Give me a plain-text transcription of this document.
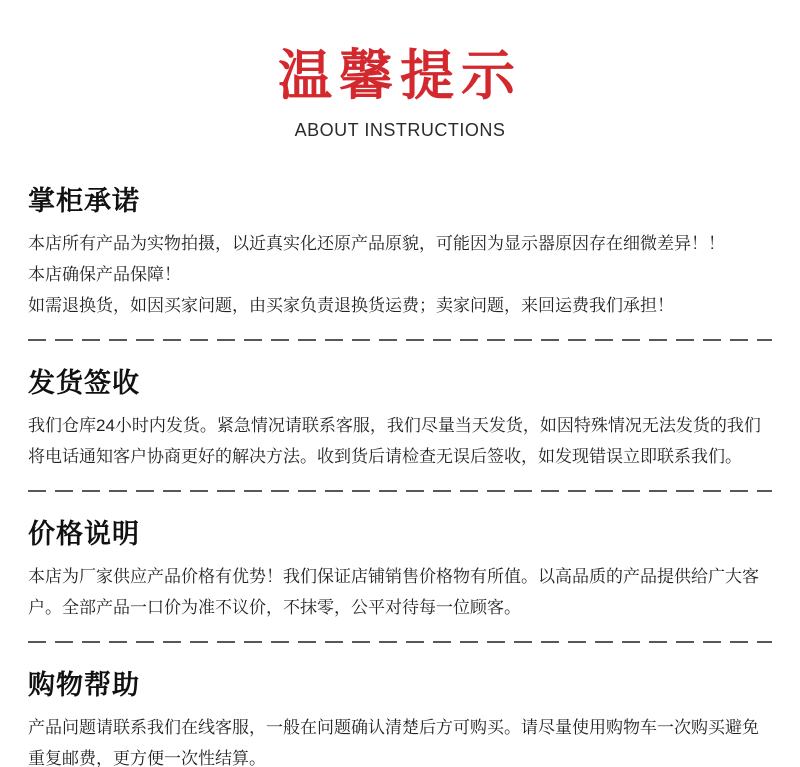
温馨提示
ABOUT INSTRUCTIONS
掌柜承诺
本店所有产品为实物拍摄，以近真实化还原产品原貌，可能因为显示器原因存在细微差异！！
本店确保产品保障！
如需退换货，如因买家问题，由买家负责退换货运费；卖家问题，来回运费我们承担！
发货签收
我们仓库24小时内发货。紧急情况请联系客服，我们尽量当天发货，如因特殊情况无法发货的我们将电话通知客户协商更好的解决方法。收到货后请检查无误后签收，如发现错误立即联系我们。
价格说明
本店为厂家供应产品价格有优势！我们保证店铺销售价格物有所值。以高品质的产品提供给广大客户。全部产品一口价为准不议价，不抹零，公平对待每一位顾客。
购物帮助
产品问题请联系我们在线客服，一般在问题确认清楚后方可购买。请尽量使用购物车一次购买避免重复邮费，更方便一次性结算。
